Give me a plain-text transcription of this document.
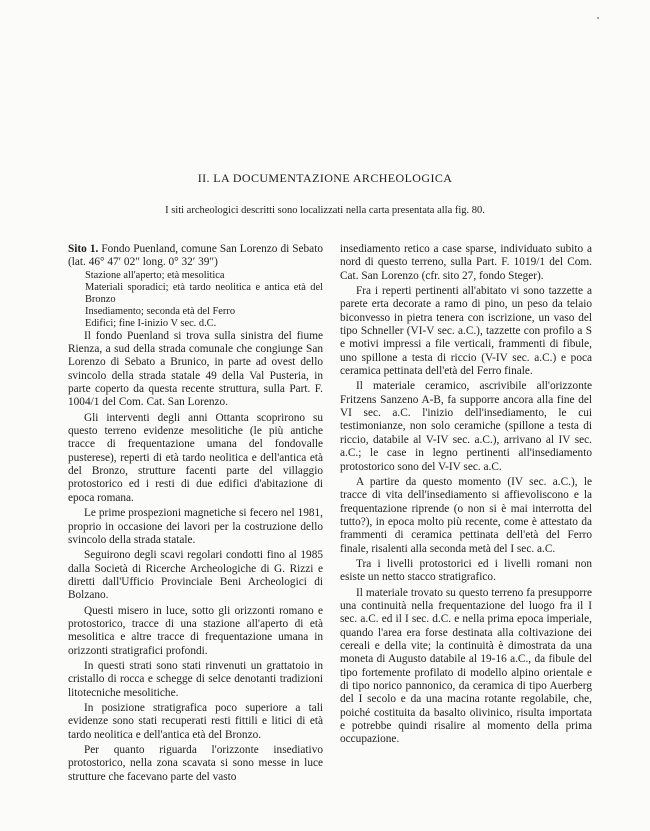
II. LA DOCUMENTAZIONE ARCHEOLOGICA

I siti archeologici descritti sono localizzati nella carta presentata alla fig. 80.

Sito 1. Fondo Puenland, comune San Lorenzo di Sebato (lat. 46° 47′ 02″ long. 0° 32′ 39″)

Stazione all'aperto; età mesolitica

Materiali sporadici; età tardo neolitica e antica età del Bronzo

Insediamento; seconda età del Ferro

Edifici; fine I-inizio V sec. d.C.

Il fondo Puenland si trova sulla sinistra del fiume Rienza, a sud della strada comunale che congiunge San Lorenzo di Sebato a Brunico, in parte ad ovest dello svincolo della strada statale 49 della Val Pusteria, in parte coperto da questa recente struttura, sulla Part. F. 1004/1 del Com. Cat. San Lorenzo.

Gli interventi degli anni Ottanta scoprirono su questo terreno evidenze mesolitiche (le più antiche tracce di frequentazione umana del fondovalle pusterese), reperti di età tardo neolitica e dell'antica età del Bronzo, strutture facenti parte del villaggio protostorico ed i resti di due edifici d'abitazione di epoca romana.

Le prime prospezioni magnetiche si fecero nel 1981, proprio in occasione dei lavori per la costruzione dello svincolo della strada statale.

Seguirono degli scavi regolari condotti fino al 1985 dalla Società di Ricerche Archeologiche di G. Rizzi e diretti dall'Ufficio Provinciale Beni Archeologici di Bolzano.

Questi misero in luce, sotto gli orizzonti romano e protostorico, tracce di una stazione all'aperto di età mesolitica e altre tracce di frequentazione umana in orizzonti stratigrafici profondi.

In questi strati sono stati rinvenuti un grattatoio in cristallo di rocca e schegge di selce denotanti tradizioni litotecniche mesolitiche.

In posizione stratigrafica poco superiore a tali evidenze sono stati recuperati resti fittili e litici di età tardo neolitica e dell'antica età del Bronzo.

Per quanto riguarda l'orizzonte insediativo protostorico, nella zona scavata si sono messe in luce strutture che facevano parte del vasto

insediamento retico a case sparse, individuato subito a nord di questo terreno, sulla Part. F. 1019/1 del Com. Cat. San Lorenzo (cfr. sito 27, fondo Steger).

Fra i reperti pertinenti all'abitato vi sono tazzette a parete erta decorate a ramo di pino, un peso da telaio biconvesso in pietra tenera con iscrizione, un vaso del tipo Schneller (VI-V sec. a.C.), tazzette con profilo a S e motivi impressi a file verticali, frammenti di fibule, uno spillone a testa di riccio (V-IV sec. a.C.) e poca ceramica pettinata dell'età del Ferro finale.

Il materiale ceramico, ascrivibile all'orizzonte Fritzens Sanzeno A-B, fa supporre ancora alla fine del VI sec. a.C. l'inizio dell'insediamento, le cui testimonianze, non solo ceramiche (spillone a testa di riccio, databile al V-IV sec. a.C.), arrivano al IV sec. a.C.; le case in legno pertinenti all'insediamento protostorico sono del V-IV sec. a.C.

A partire da questo momento (IV sec. a.C.), le tracce di vita dell'insediamento si affievoliscono e la frequentazione riprende (o non si è mai interrotta del tutto?), in epoca molto più recente, come è attestato da frammenti di ceramica pettinata dell'età del Ferro finale, risalenti alla seconda metà del I sec. a.C.

Tra i livelli protostorici ed i livelli romani non esiste un netto stacco stratigrafico.

Il materiale trovato su questo terreno fa presupporre una continuità nella frequentazione del luogo fra il I sec. a.C. ed il I sec. d.C. e nella prima epoca imperiale, quando l'area era forse destinata alla coltivazione dei cereali e della vite; la continuità è dimostrata da una moneta di Augusto databile al 19-16 a.C., da fibule del tipo fortemente profilato di modello alpino orientale e di tipo norico pannonico, da ceramica di tipo Auerberg del I secolo e da una macina rotante regolabile, che, poiché costituita da basalto olivinico, risulta importata e potrebbe quindi risalire al momento della prima occupazione.
